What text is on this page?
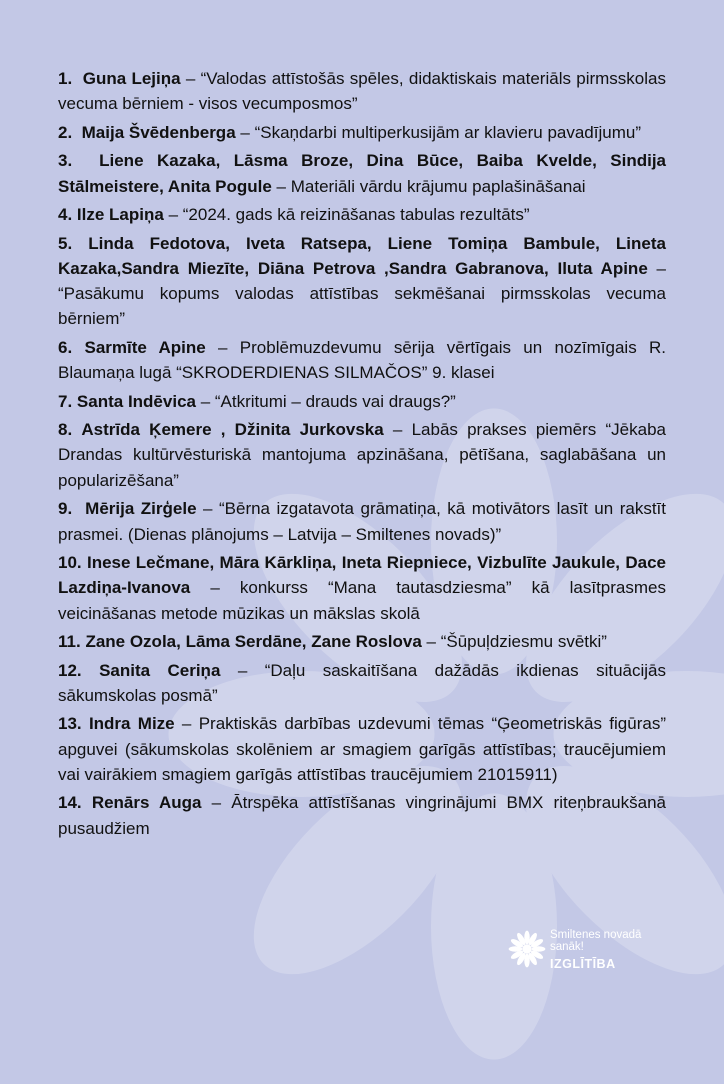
1. Guna Lejiņa – “Valodas attīstošās spēles, didaktiskais materiāls pirmsskolas vecuma bērniem - visos vecumposmos”

2. Maija Švēdenberga – “Skaņdarbi multiperkusijām ar klavieru pavadījumu”

3. Liene Kazaka, Lāsma Broze, Dina Būce, Baiba Kvelde, Sindija Stālmeistere, Anita Pogule – Materiāli vārdu krājumu paplašināšanai

4. Ilze Lapiņa – “2024. gads kā reizināšanas tabulas rezultāts”

5. Linda Fedotova, Iveta Ratsepa, Liene Tomiņa Bambule, Lineta Kazaka,Sandra Miezīte, Diāna Petrova ,Sandra Gabranova, Iluta Apine – “Pasākumu kopums valodas attīstības sekmēšanai pirmsskolas vecuma bērniem”

6. Sarmīte Apine – Problēmuzdevumu sērija vērtīgais un nozīmīgais R. Blaumaņa lugā “SKRODERDIENAS SILMAČOS” 9. klasei

7. Santa Indēvica – “Atkritumi – drauds vai draugs?”

8. Astrīda Ķemere , Džinita Jurkovska – Labās prakses piemērs “Jēkaba Drandas kultūrvēsturiskā mantojuma apzināšana, pētīšana, saglabāšana un popularizēšana”

9. Mērija Zirģele – “Bērna izgatavota grāmatiņa, kā motivātors lasīt un rakstīt prasmei. (Dienas plānojums – Latvija – Smiltenes novads)”

10. Inese Lečmane, Māra Kārkliņa, Ineta Riepniece, Vizbulīte Jaukule, Dace Lazdiņa-Ivanova – konkurss “Mana tautasdziesma” kā lasītprasmes veicināšanas metode mūzikas un mākslas skolā

11. Zane Ozola, Lāma Serdāne, Zane Roslova – “Šūpuļdziesmu svētki”

12. Sanita Ceriņa – “Daļu saskaitīšana dažādās ikdienas situācijās sākumskolas posmā”

13. Indra Mize – Praktiskās darbības uzdevumi tēmas “Ģeometriskās figūras” apguvei (sākumskolas skolēniem ar smagiem garīgās attīstības; traucējumiem vai vairākiem smagiem garīgās attīstības traucējumiem 21015911)

14. Renārs Auga – Ātrspēka attīstīšanas vingrinājumi BMX riteņbraukšanā pusaudžiem

Smiltenes novadā
sanāk!
IZGLĪTĪBA
